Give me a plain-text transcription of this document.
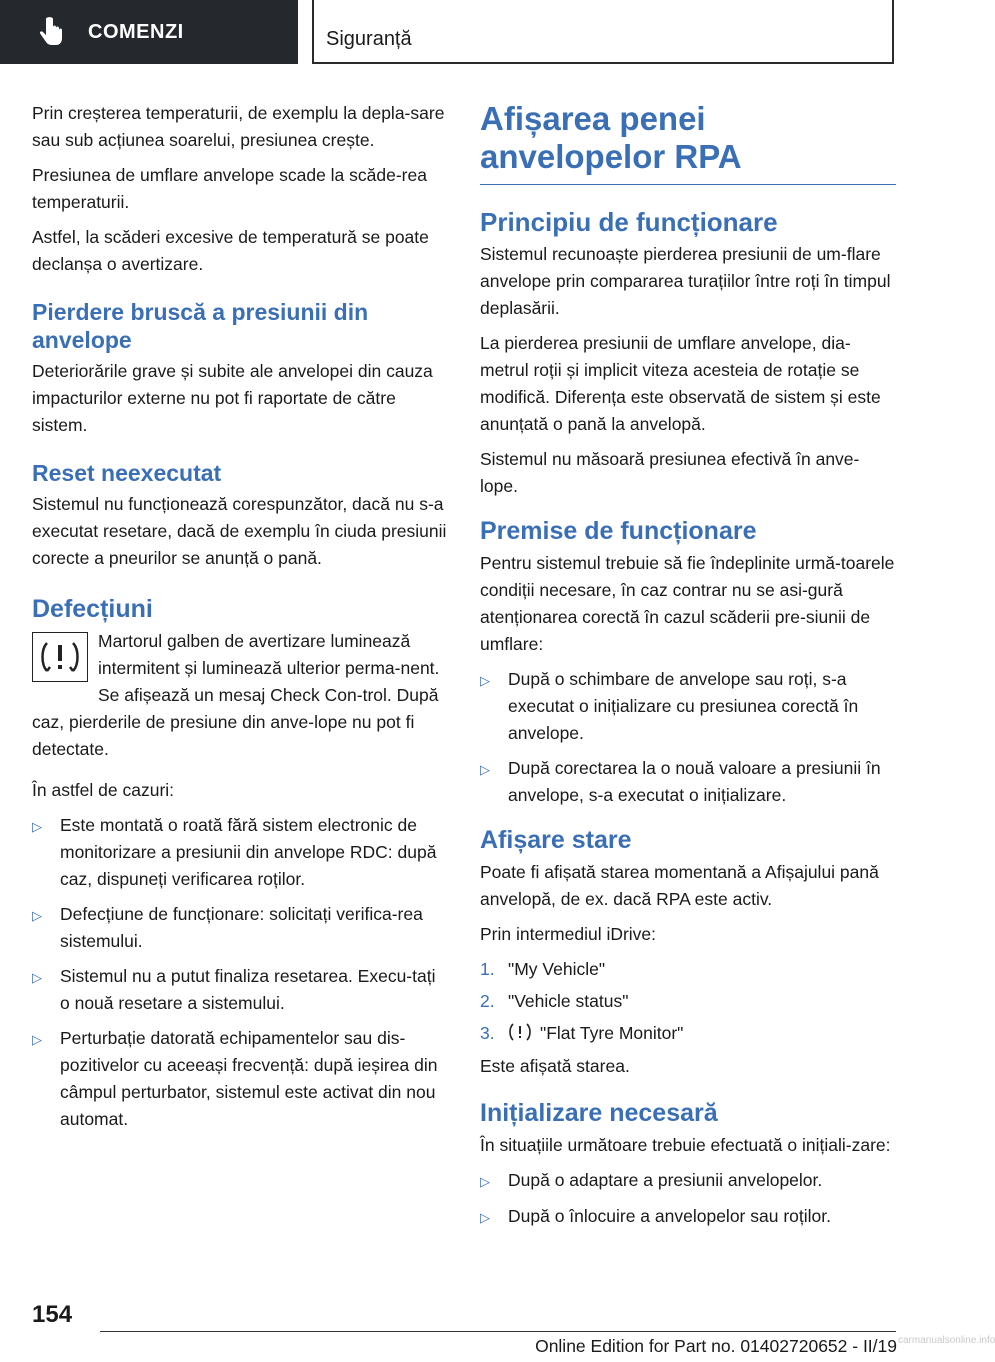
COMENZI	Siguranță

Prin creșterea temperaturii, de exemplu la depla‐sare sau sub acțiunea soarelui, presiunea crește.

Presiunea de umflare anvelope scade la scăde‐rea temperaturii.

Astfel, la scăderi excesive de temperatură se poate declanșa o avertizare.

Pierdere bruscă a presiunii din anvelope

Deteriorările grave și subite ale anvelopei din cauza impacturilor externe nu pot fi raportate de către sistem.

Reset neexecutat

Sistemul nu funcționează corespunzător, dacă nu s-a executat resetare, dacă de exemplu în ciuda presiunii corecte a pneurilor se anunță o pană.

Defecțiuni

Martorul galben de avertizare luminează intermitent și luminează ulterior perma‐nent. Se afișează un mesaj Check Con‐trol. După caz, pierderile de presiune din anve‐lope nu pot fi detectate.

În astfel de cazuri:

▷	Este montată o roată fără sistem electronic de monitorizare a presiunii din anvelope RDC: după caz, dispuneți verificarea roților.
▷	Defecțiune de funcționare: solicitați verifica‐rea sistemului.
▷	Sistemul nu a putut finaliza resetarea. Execu‐tați o nouă resetare a sistemului.
▷	Perturbație datorată echipamentelor sau dis‐pozitivelor cu aceeași frecvență: după ieșirea din câmpul perturbator, sistemul este activat din nou automat.
Afișarea penei anvelopelor RPA
Principiu de funcționare

Sistemul recunoaște pierderea presiunii de um‐flare anvelope prin compararea turațiilor între roți în timpul deplasării.

La pierderea presiunii de umflare anvelope, dia‐metrul roții și implicit viteza acesteia de rotație se modifică. Diferența este observată de sistem și este anunțată o pană la anvelopă.

Sistemul nu măsoară presiunea efectivă în anve‐lope.

Premise de funcționare

Pentru sistemul trebuie să fie îndeplinite urmă‐toarele condiții necesare, în caz contrar nu se asi‐gură atenționarea corectă în cazul scăderii pre‐siunii de umflare:

▷	După o schimbare de anvelope sau roți, s-a executat o inițializare cu presiunea corectă în anvelope.
▷	După corectarea la o nouă valoare a presiunii în anvelope, s-a executat o inițializare.
Afișare stare

Poate fi afișată starea momentană a Afișajului pană anvelopă, de ex. dacă RPA este activ.

Prin intermediul iDrive:

1. "My Vehicle"
2. "Vehicle status"
3.	"Flat Tyre Monitor"

Este afișată starea.

Inițializare necesară

În situațiile următoare trebuie efectuată o inițiali‐zare:

▷	După o adaptare a presiunii anvelopelor.
▷	După o înlocuire a anvelopelor sau roților.
154
Online Edition for Part no. 01402720652 - II/19 carmanualsonline.info
